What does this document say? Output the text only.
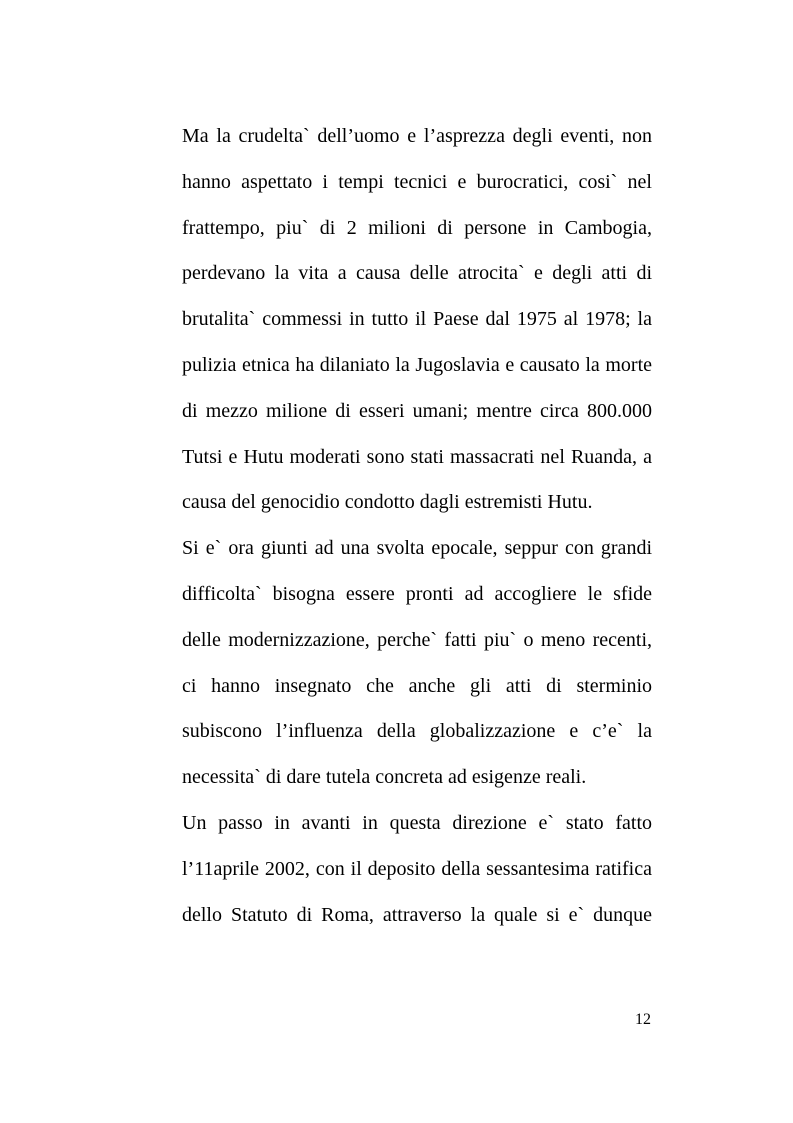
Ma la crudelta` dell’uomo e l’asprezza degli eventi, non
hanno aspettato i tempi tecnici e burocratici, cosi` nel
frattempo, piu` di 2 milioni di persone in Cambogia,
perdevano la vita a causa delle atrocita` e degli atti di
brutalita` commessi in tutto il Paese dal 1975 al 1978; la
pulizia etnica ha dilaniato la Jugoslavia e causato la morte
di mezzo milione di esseri umani; mentre circa 800.000
Tutsi e Hutu moderati sono stati massacrati nel Ruanda, a
causa del genocidio condotto dagli estremisti Hutu.
Si e` ora giunti ad una svolta epocale, seppur con grandi
difficolta` bisogna essere pronti ad accogliere le sfide
delle modernizzazione, perche` fatti piu` o meno recenti,
ci hanno insegnato che anche gli atti di sterminio
subiscono l’influenza della globalizzazione e c’e` la
necessita` di dare tutela concreta ad esigenze reali.
Un passo in avanti in questa direzione e` stato fatto
l’11aprile 2002, con il deposito della sessantesima ratifica
dello Statuto di Roma, attraverso la quale si e` dunque
12
